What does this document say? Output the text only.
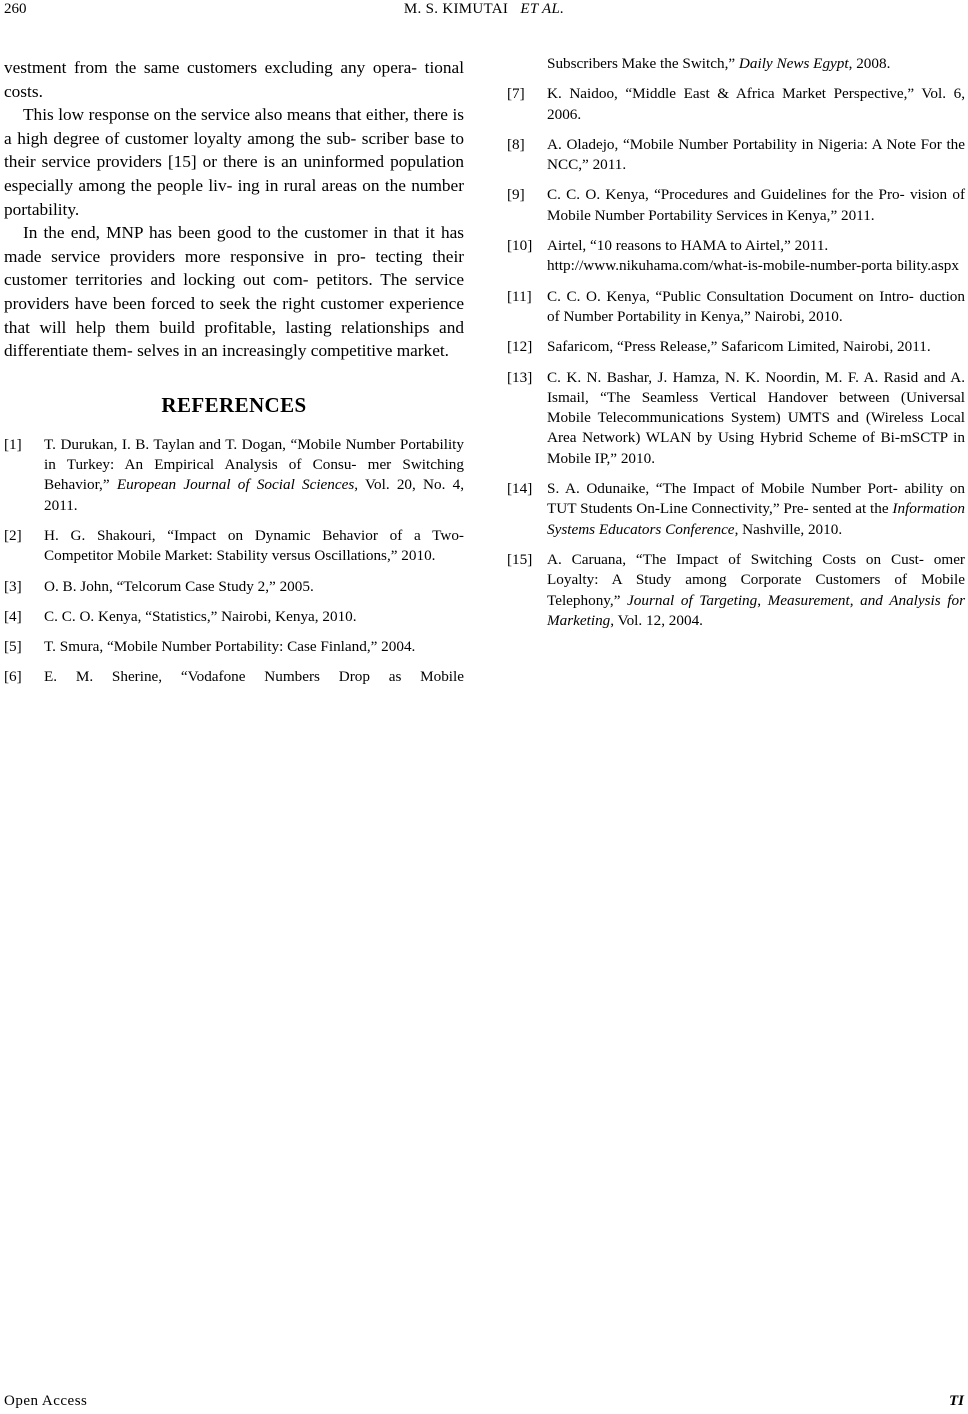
260	M. S. KIMUTAI ET AL.

vestment from the same customers excluding any opera- tional costs.

This low response on the service also means that either, there is a high degree of customer loyalty among the sub- scriber base to their service providers [15] or there is an uninformed population especially among the people liv- ing in rural areas on the number portability.

In the end, MNP has been good to the customer in that it has made service providers more responsive in pro- tecting their customer territories and locking out com- petitors. The service providers have been forced to seek the right customer experience that will help them build profitable, lasting relationships and differentiate them- selves in an increasingly competitive market.

REFERENCES
[1] T. Durukan, I. B. Taylan and T. Dogan, “Mobile Number Portability in Turkey: An Empirical Analysis of Consu- mer Switching Behavior,” European Journal of Social Sciences, Vol. 20, No. 4, 2011.
[2] H. G. Shakouri, “Impact on Dynamic Behavior of a Two- Competitor Mobile Market: Stability versus Oscillations,” 2010.
[3] O. B. John, “Telcorum Case Study 2,” 2005.
[4] C. C. O. Kenya, “Statistics,” Nairobi, Kenya, 2010.
[5] T. Smura, “Mobile Number Portability: Case Finland,” 2004.
[6] E. M. Sherine, “Vodafone Numbers Drop as Mobile
Subscribers Make the Switch,” Daily News Egypt, 2008.
[7] K. Naidoo, “Middle East & Africa Market Perspective,” Vol. 6, 2006.
[8] A. Oladejo, “Mobile Number Portability in Nigeria: A Note For the NCC,” 2011.
[9] C. C. O. Kenya, “Procedures and Guidelines for the Pro- vision of Mobile Number Portability Services in Kenya,” 2011.
[10] Airtel, “10 reasons to HAMA to Airtel,” 2011.
http://www.nikuhama.com/what-is-mobile-number-porta bility.aspx
[11] C. C. O. Kenya, “Public Consultation Document on Intro- duction of Number Portability in Kenya,” Nairobi, 2010.
[12] Safaricom, “Press Release,” Safaricom Limited, Nairobi, 2011.
[13] C. K. N. Bashar, J. Hamza, N. K. Noordin, M. F. A. Rasid and A. Ismail, “The Seamless Vertical Handover between (Universal Mobile Telecommunications System) UMTS and (Wireless Local Area Network) WLAN by Using Hybrid Scheme of Bi-mSCTP in Mobile IP,” 2010.
[14] S. A. Odunaike, “The Impact of Mobile Number Port- ability on TUT Students On-Line Connectivity,” Pre- sented at the Information Systems Educators Conference, Nashville, 2010.
[15] A. Caruana, “The Impact of Switching Costs on Cust- omer Loyalty: A Study among Corporate Customers of Mobile Telephony,” Journal of Targeting, Measurement, and Analysis for Marketing, Vol. 12, 2004.
Open Access	TI
